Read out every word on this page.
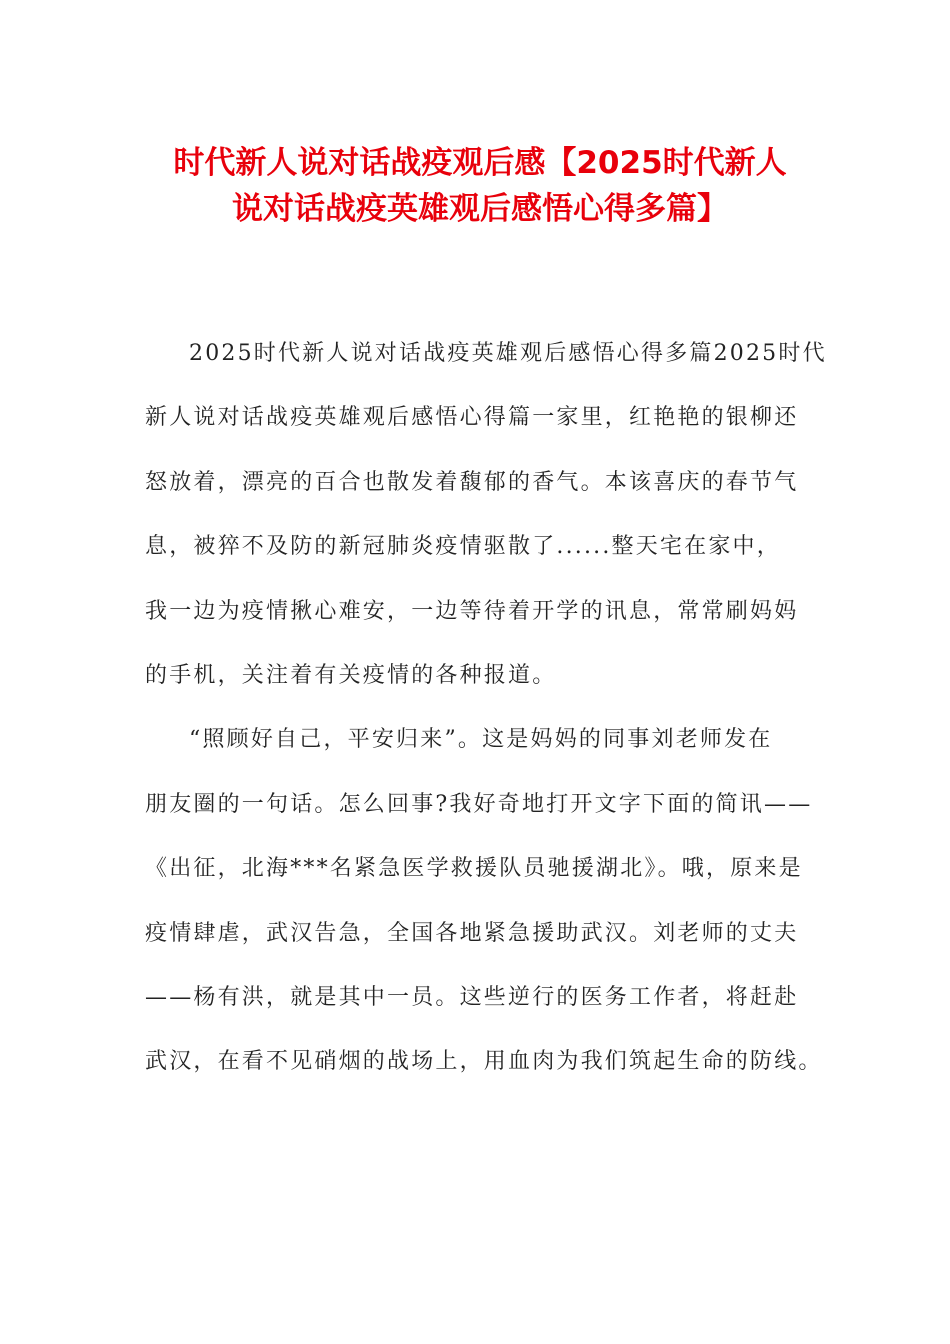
时代新人说对话战疫观后感【2025时代新人
说对话战疫英雄观后感悟心得多篇】
2025时代新人说对话战疫英雄观后感悟心得多篇2025时代
新人说对话战疫英雄观后感悟心得篇一家里，红艳艳的银柳还
怒放着，漂亮的百合也散发着馥郁的香气。本该喜庆的春节气
息，被猝不及防的新冠肺炎疫情驱散了......整天宅在家中，
我一边为疫情揪心难安，一边等待着开学的讯息，常常刷妈妈
的手机，关注着有关疫情的各种报道。
“照顾好自己，平安归来”。这是妈妈的同事刘老师发在
朋友圈的一句话。怎么回事?我好奇地打开文字下面的简讯——
《出征，北海***名紧急医学救援队员驰援湖北》。哦，原来是
疫情肆虐，武汉告急，全国各地紧急援助武汉。刘老师的丈夫
——杨有洪，就是其中一员。这些逆行的医务工作者，将赶赴
武汉，在看不见硝烟的战场上，用血肉为我们筑起生命的防线。
